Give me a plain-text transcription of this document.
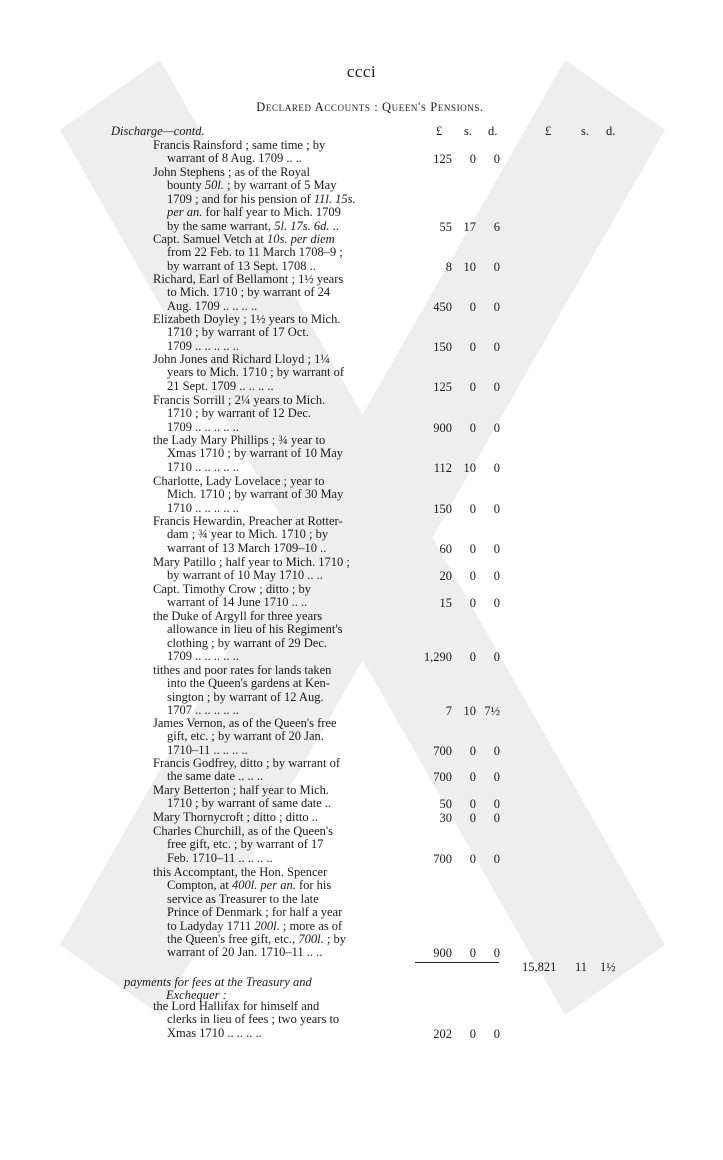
ccci
Declared Accounts : Queen's Pensions.
Discharge—contd.	£ s. d.	£ s. d.
Francis Rainsford ; same time ; by
warrant of 8 Aug. 1709 .. ..	125	0	0
John Stephens ; as of the Royal
bounty 50l. ; by warrant of 5 May
1709 ; and for his pension of 11l. 15s.
per an. for half year to Mich. 1709
by the same warrant, 5l. 17s. 6d. ..	55 17	6
Capt. Samuel Vetch at 10s. per diem
from 22 Feb. to 11 March 1708–9 ;
by warrant of 13 Sept. 1708 ..	8 10	0
Richard, Earl of Bellamont ; 1½ years
to Mich. 1710 ; by warrant of 24
Aug. 1709 .. .. .. ..	450	0	0
Elizabeth Doyley ; 1½ years to Mich.
1710 ; by warrant of 17 Oct.
1709 .. .. .. .. ..	150	0	0
John Jones and Richard Lloyd ; 1¼
years to Mich. 1710 ; by warrant of
21 Sept. 1709 .. .. .. ..	125	0	0
Francis Sorrill ; 2¼ years to Mich.
1710 ; by warrant of 12 Dec.
1709 .. .. .. .. ..	900	0	0
the Lady Mary Phillips ; ¾ year to
Xmas 1710 ; by warrant of 10 May
1710 .. .. .. .. ..	112 10	0
Charlotte, Lady Lovelace ; year to
Mich. 1710 ; by warrant of 30 May
1710 .. .. .. .. ..	150	0	0
Francis Hewardin, Preacher at Rotter-
dam ; ¾ year to Mich. 1710 ; by
warrant of 13 March 1709–10 ..	60	0	0
Mary Patillo ; half year to Mich. 1710 ;
by warrant of 10 May 1710 .. ..	20	0	0
Capt. Timothy Crow ; ditto ; by
warrant of 14 June 1710 .. ..	15	0	0
the Duke of Argyll for three years
allowance in lieu of his Regiment's
clothing ; by warrant of 29 Dec.
1709 .. .. .. .. ..	1,290	0	0
tithes and poor rates for lands taken
into the Queen's gardens at Ken-
sington ; by warrant of 12 Aug.
1707 .. .. .. .. ..	7 10 7½
James Vernon, as of the Queen's free
gift, etc. ; by warrant of 20 Jan.
1710–11 .. .. .. ..	700	0	0
Francis Godfrey, ditto ; by warrant of
the same date .. .. ..	700	0	0
Mary Betterton ; half year to Mich.
1710 ; by warrant of same date ..	50	0	0
Mary Thornycroft ; ditto ; ditto ..	30	0	0
Charles Churchill, as of the Queen's
free gift, etc. ; by warrant of 17
Feb. 1710–11 .. .. .. ..	700	0	0
this Accomptant, the Hon. Spencer
Compton, at 400l. per an. for his
service as Treasurer to the late
Prince of Denmark ; for half a year
to Ladyday 1711 200l. ; more as of
the Queen's free gift, etc., 700l. ; by
warrant of 20 Jan. 1710–11 .. ..	900	0	0
the Lord Hallifax for himself and
clerks in lieu of fees ; two years to
Xmas 1710 .. .. .. ..	202	0	0
15,821 11 1½
payments for fees at the Treasury and
Exchequer :
